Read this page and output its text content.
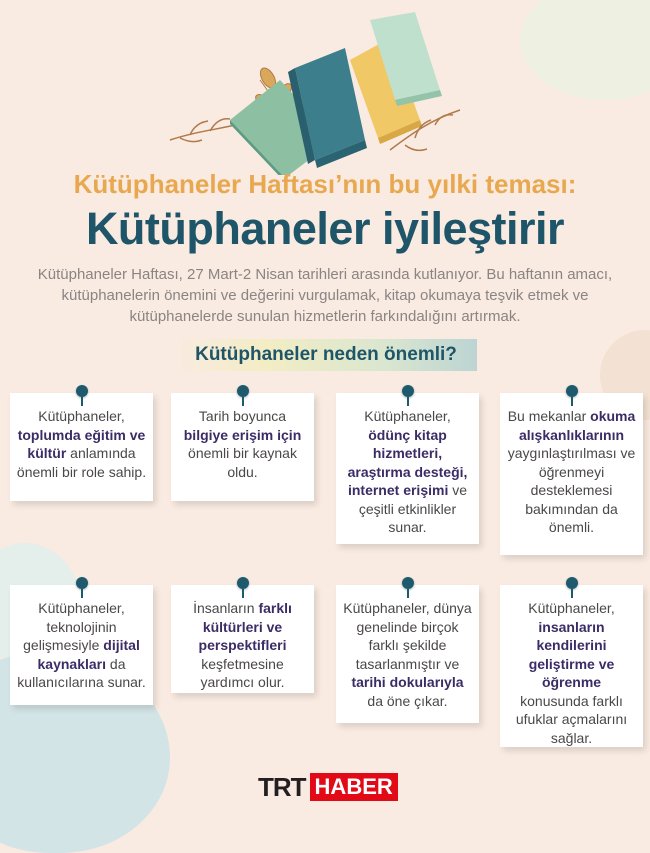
Kütüphaneler Haftası’nın bu yılki teması:
Kütüphaneler iyileştirir
Kütüphaneler Haftası, 27 Mart-2 Nisan tarihleri arasında kutlanıyor. Bu haftanın amacı, kütüphanelerin önemini ve değerini vurgulamak, kitap okumaya teşvik etmek ve kütüphanelerde sunulan hizmetlerin farkındalığını artırmak.
Kütüphaneler neden önemli?
Kütüphaneler, toplumda eğitim ve kültür anlamında önemli bir role sahip.
Tarih boyunca bilgiye erişim için önemli bir kaynak oldu.
Kütüphaneler, ödünç kitap hizmetleri, araştırma desteği, internet erişimi ve çeşitli etkinlikler sunar.
Bu mekanlar okuma alışkanlıklarının yaygınlaştırılması ve öğrenmeyi desteklemesi bakımından da önemli.
Kütüphaneler, teknolojinin gelişmesiyle dijital kaynakları da kullanıcılarına sunar.
İnsanların farklı kültürleri ve perspektifleri keşfetmesine yardımcı olur.
Kütüphaneler, dünya genelinde birçok farklı şekilde tasarlanmıştır ve tarihi dokularıyla da öne çıkar.
Kütüphaneler, insanların kendilerini geliştirme ve öğrenme konusunda farklı ufuklar açmalarını sağlar.
TRT HABER
